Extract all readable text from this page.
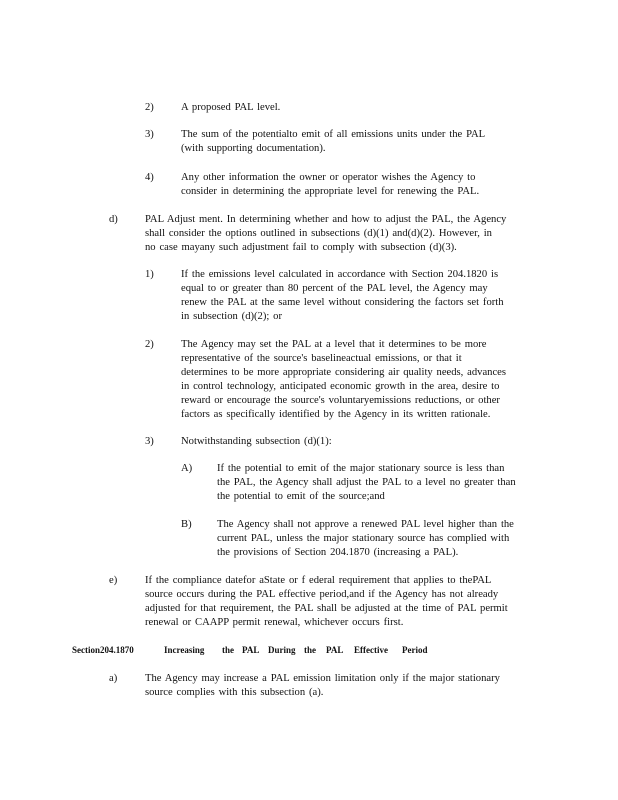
2)	A proposed PAL level.
3)	The sum of the potentialto emit of all emissions units under the PAL
(with supporting documentation).
4)	Any other information the owner or operator wishes the Agency to
consider in determining the appropriate level for renewing the PAL.
d)	PAL Adjust ment. In determining whether and how to adjust the PAL, the Agency
shall consider the options outlined in subsections (d)(1) and(d)(2). However, in
no case mayany such adjustment fail to comply with subsection (d)(3).
1)	If the emissions level calculated in accordance with Section 204.1820 is
equal to or greater than 80 percent of the PAL level, the Agency may
renew the PAL at the same level without considering the factors set forth
in subsection (d)(2); or
2)	The Agency may set the PAL at a level that it determines to be more
representative of the source's baselineactual emissions, or that it
determines to be more appropriate considering air quality needs, advances
in control technology, anticipated economic growth in the area, desire to
reward or encourage the source's voluntaryemissions reductions, or other
factors as specifically identified by the Agency in its written rationale.
3)	Notwithstanding subsection (d)(1):
A) If the potential to emit of the major stationary source is less than
the PAL, the Agency shall adjust the PAL to a level no greater than
the potential to emit of the source;and
B) The Agency shall not approve a renewed PAL level higher than the
current PAL, unless the major stationary source has complied with
the provisions of Section 204.1870 (increasing a PAL).
e)	If the compliance datefor aState or f ederal requirement that applies to thePAL
source occurs during the PAL effective period,and if the Agency has not already
adjusted for that requirement, the PAL shall be adjusted at the time of PAL permit
renewal or CAAPP permit renewal, whichever occurs first.
Section 204.1870	Increasing the PAL During the PAL Effective Period
a)	The Agency may increase a PAL emission limitation only if the major stationary
source complies with this subsection (a).
